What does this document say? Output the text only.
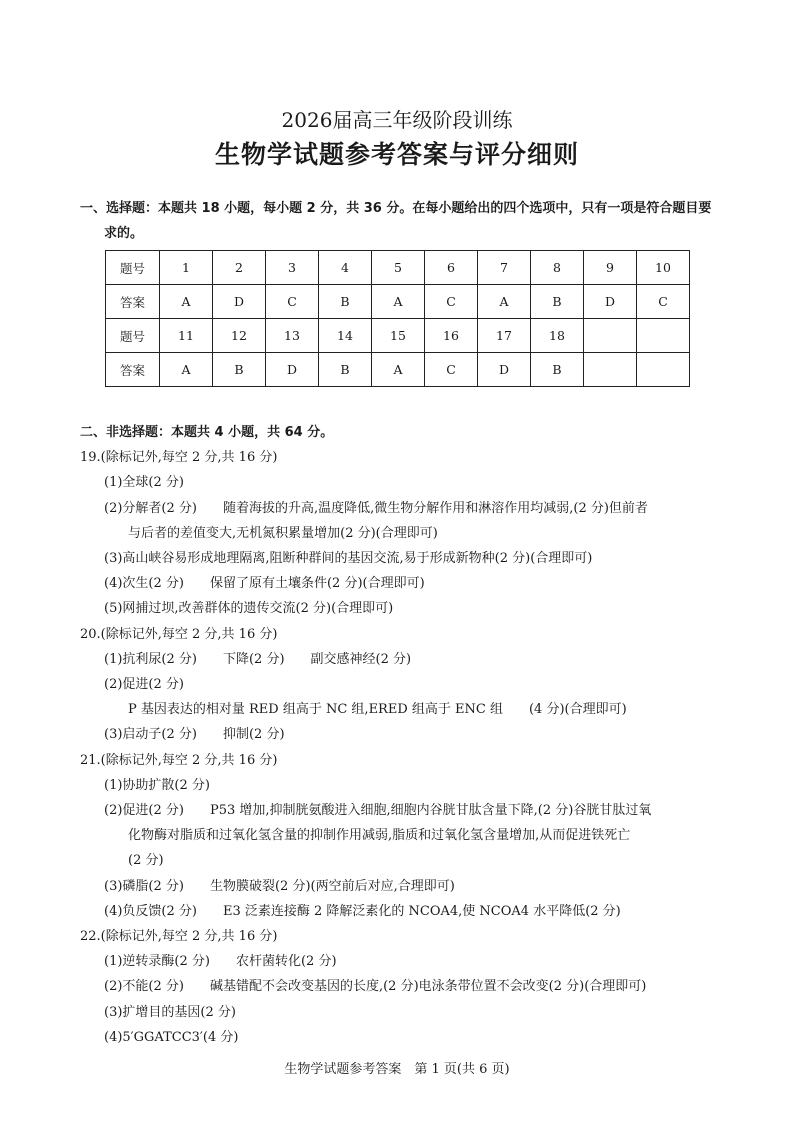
2026届高三年级阶段训练
生物学试题参考答案与评分细则
一、选择题：本题共 18 小题，每小题 2 分，共 36 分。在每小题给出的四个选项中，只有一项是符合题目要
求的。
题号	1	2	3	4	5	6	7	8	9	10
答案	A	D	C	B	A	C	A	B	D	C
题号	11	12	13	14	15	16	17	18		
答案	A	B	D	B	A	C	D	B		
二、非选择题：本题共 4 小题，共 64 分。
19.(除标记外,每空 2 分,共 16 分)
(1)全球(2 分)
(2)分解者(2 分) 随着海拔的升高,温度降低,微生物分解作用和淋溶作用均减弱,(2 分)但前者
与后者的差值变大,无机氮积累量增加(2 分)(合理即可)
(3)高山峡谷易形成地理隔离,阻断种群间的基因交流,易于形成新物种(2 分)(合理即可)
(4)次生(2 分) 保留了原有土壤条件(2 分)(合理即可)
(5)网捕过坝,改善群体的遗传交流(2 分)(合理即可)
20.(除标记外,每空 2 分,共 16 分)
(1)抗利尿(2 分) 下降(2 分) 副交感神经(2 分)
(2)促进(2 分)
P 基因表达的相对量 RED 组高于 NC 组,ERED 组高于 ENC 组 (4 分)(合理即可)
(3)启动子(2 分) 抑制(2 分)
21.(除标记外,每空 2 分,共 16 分)
(1)协助扩散(2 分)
(2)促进(2 分) P53 增加,抑制胱氨酸进入细胞,细胞内谷胱甘肽含量下降,(2 分)谷胱甘肽过氧
化物酶对脂质和过氧化氢含量的抑制作用减弱,脂质和过氧化氢含量增加,从而促进铁死亡
(2 分)
(3)磷脂(2 分) 生物膜破裂(2 分)(两空前后对应,合理即可)
(4)负反馈(2 分) E3 泛素连接酶 2 降解泛素化的 NCOA4,使 NCOA4 水平降低(2 分)
22.(除标记外,每空 2 分,共 16 分)
(1)逆转录酶(2 分) 农杆菌转化(2 分)
(2)不能(2 分) 碱基错配不会改变基因的长度,(2 分)电泳条带位置不会改变(2 分)(合理即可)
(3)扩增目的基因(2 分)
(4)5′GGATCC3′(4 分)
生物学试题参考答案　第 1 页(共 6 页)
